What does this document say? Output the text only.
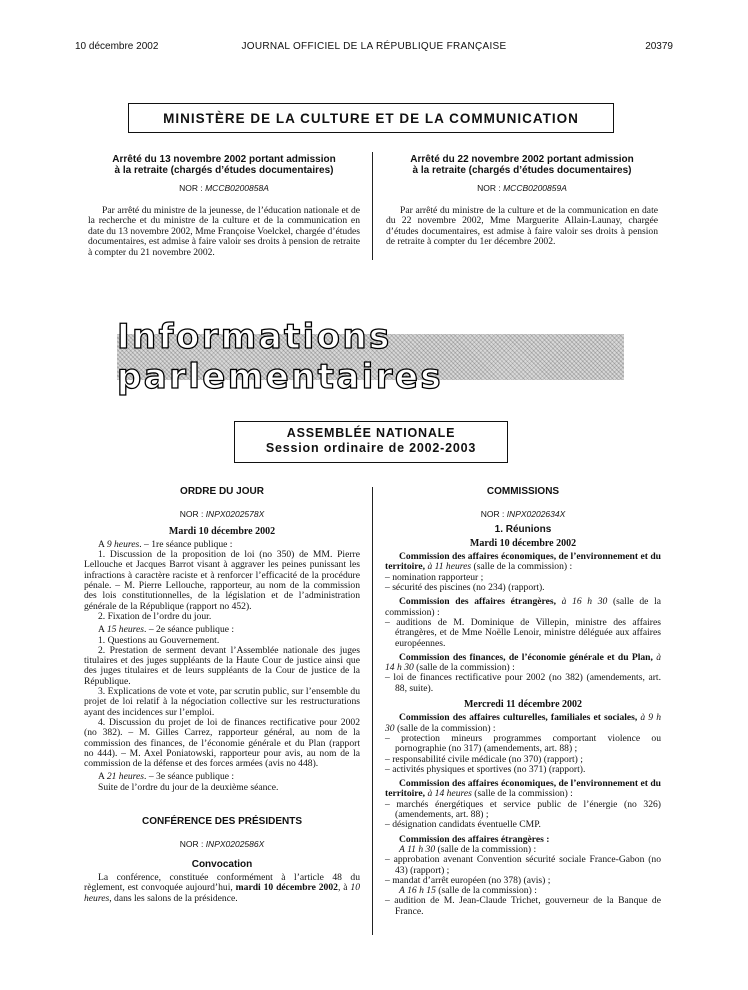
10 décembre 2002	JOURNAL OFFICIEL DE LA RÉPUBLIQUE FRANÇAISE	20379
MINISTÈRE DE LA CULTURE ET DE LA COMMUNICATION
Arrêté du 13 novembre 2002 portant admission
à la retraite (chargés d’études documentaires)
NOR : MCCB0200858A

Par arrêté du ministre de la jeunesse, de l’éducation nationale et de la recherche et du ministre de la culture et de la communication en date du 13 novembre 2002, Mme Françoise Voelckel, chargée d’études documentaires, est admise à faire valoir ses droits à pension de retraite à compter du 21 novembre 2002.

Arrêté du 22 novembre 2002 portant admission
à la retraite (chargés d’études documentaires)
NOR : MCCB0200859A

Par arrêté du ministre de la culture et de la communication en date du 22 novembre 2002, Mme Marguerite Allain-Launay, chargée d’études documentaires, est admise à faire valoir ses droits à pension de retraite à compter du 1er décembre 2002.

Informations parlementaires
ASSEMBLÉE NATIONALE
Session ordinaire de 2002-2003
ORDRE DU JOUR
NOR : INPX0202578X
Mardi 10 décembre 2002

A 9 heures. – 1re séance publique :

1. Discussion de la proposition de loi (no 350) de MM. Pierre Lellouche et Jacques Barrot visant à aggraver les peines punissant les infractions à caractère raciste et à renforcer l’efficacité de la procédure pénale. – M. Pierre Lellouche, rapporteur, au nom de la commission des lois constitutionnelles, de la législation et de l’administration générale de la République (rapport no 452).

2. Fixation de l’ordre du jour.

A 15 heures. – 2e séance publique :

1. Questions au Gouvernement.

2. Prestation de serment devant l’Assemblée nationale des juges titulaires et des juges suppléants de la Haute Cour de justice ainsi que des juges titulaires et de leurs suppléants de la Cour de justice de la République.

3. Explications de vote et vote, par scrutin public, sur l’ensemble du projet de loi relatif à la négociation collective sur les restructurations ayant des incidences sur l’emploi.

4. Discussion du projet de loi de finances rectificative pour 2002 (no 382). – M. Gilles Carrez, rapporteur général, au nom de la commission des finances, de l’économie générale et du Plan (rapport no 444). – M. Axel Poniatowski, rapporteur pour avis, au nom de la commission de la défense et des forces armées (avis no 448).

A 21 heures. – 3e séance publique :

Suite de l’ordre du jour de la deuxième séance.

CONFÉRENCE DES PRÉSIDENTS
NOR : INPX0202586X
Convocation

La conférence, constituée conformément à l’article 48 du règlement, est convoquée aujourd’hui, mardi 10 décembre 2002, à 10 heures, dans les salons de la présidence.

COMMISSIONS
NOR : INPX0202634X
1. Réunions
Mardi 10 décembre 2002

Commission des affaires économiques, de l’environnement et du territoire, à 11 heures (salle de la commission) :

– nomination rapporteur ;

– sécurité des piscines (no 234) (rapport).

Commission des affaires étrangères, à 16 h 30 (salle de la commission) :

– auditions de M. Dominique de Villepin, ministre des affaires étrangères, et de Mme Noëlle Lenoir, ministre déléguée aux affaires européennes.

Commission des finances, de l’économie générale et du Plan, à 14 h 30 (salle de la commission) :

– loi de finances rectificative pour 2002 (no 382) (amendements, art. 88, suite).

Mercredi 11 décembre 2002

Commission des affaires culturelles, familiales et sociales, à 9 h 30 (salle de la commission) :

– protection mineurs programmes comportant violence ou pornographie (no 317) (amendements, art. 88) ;

– responsabilité civile médicale (no 370) (rapport) ;

– activités physiques et sportives (no 371) (rapport).

Commission des affaires économiques, de l’environnement et du territoire, à 14 heures (salle de la commission) :

– marchés énergétiques et service public de l’énergie (no 326) (amendements, art. 88) ;

– désignation candidats éventuelle CMP.

Commission des affaires étrangères :

A 11 h 30 (salle de la commission) :

– approbation avenant Convention sécurité sociale France-Gabon (no 43) (rapport) ;

– mandat d’arrêt européen (no 378) (avis) ;

A 16 h 15 (salle de la commission) :

– audition de M. Jean-Claude Trichet, gouverneur de la Banque de France.
